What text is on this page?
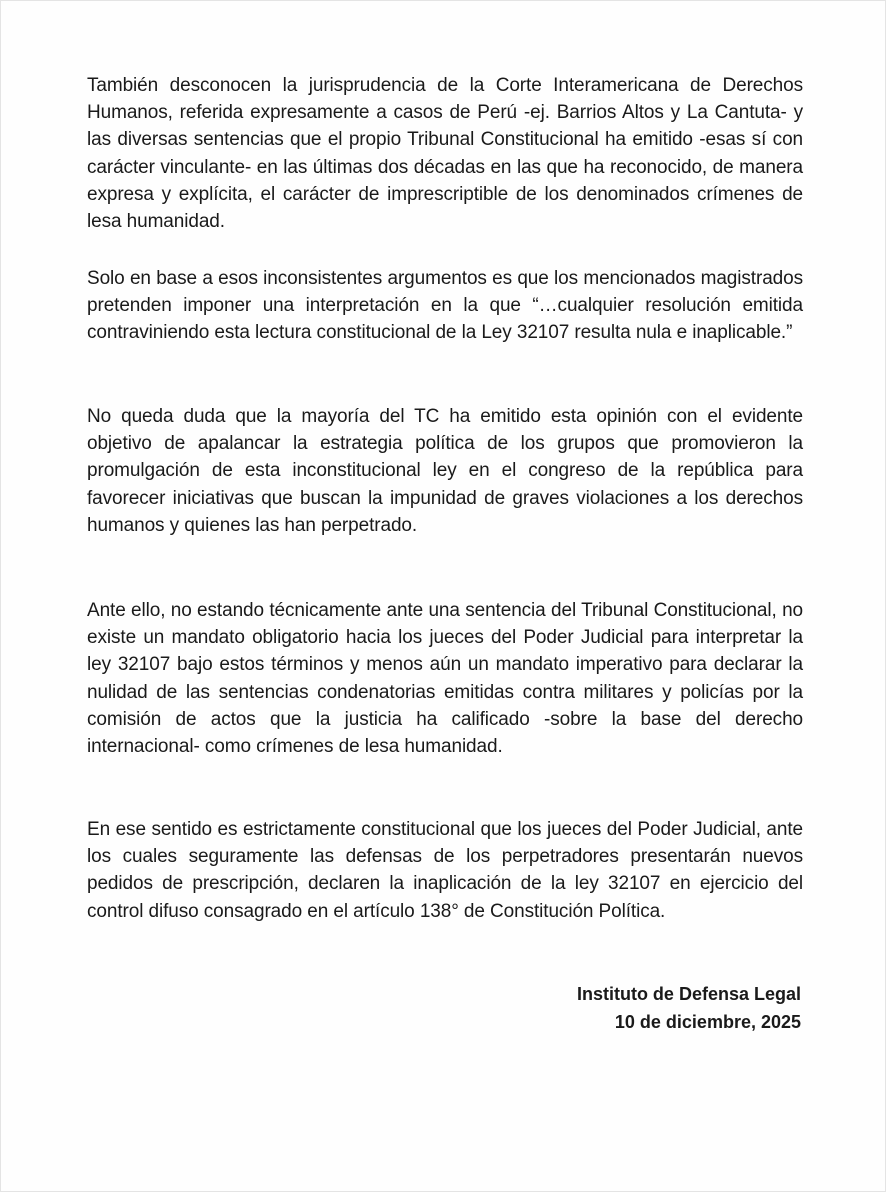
También desconocen la jurisprudencia de la Corte Interamericana de Derechos Humanos, referida expresamente a casos de Perú -ej. Barrios Altos y La Cantuta- y las diversas sentencias que el propio Tribunal Constitucional ha emitido -esas sí con carácter vinculante- en las últimas dos décadas en las que ha reconocido, de manera expresa y explícita, el carácter de imprescriptible de los denominados crímenes de lesa humanidad.

Solo en base a esos inconsistentes argumentos es que los mencionados magistrados pretenden imponer una interpretación en la que “…cualquier resolución emitida contraviniendo esta lectura constitucional de la Ley 32107 resulta nula e inaplicable.”

No queda duda que la mayoría del TC ha emitido esta opinión con el evidente objetivo de apalancar la estrategia política de los grupos que promovieron la promulgación de esta inconstitucional ley en el congreso de la república para favorecer iniciativas que buscan la impunidad de graves violaciones a los derechos humanos y quienes las han perpetrado.

Ante ello, no estando técnicamente ante una sentencia del Tribunal Constitucional, no existe un mandato obligatorio hacia los jueces del Poder Judicial para interpretar la ley 32107 bajo estos términos y menos aún un mandato imperativo para declarar la nulidad de las sentencias condenatorias emitidas contra militares y policías por la comisión de actos que la justicia ha calificado -sobre la base del derecho internacional- como crímenes de lesa humanidad.

En ese sentido es estrictamente constitucional que los jueces del Poder Judicial, ante los cuales seguramente las defensas de los perpetradores presentarán nuevos pedidos de prescripción, declaren la inaplicación de la ley 32107 en ejercicio del control difuso consagrado en el artículo 138° de Constitución Política.

Instituto de Defensa Legal
10 de diciembre, 2025
